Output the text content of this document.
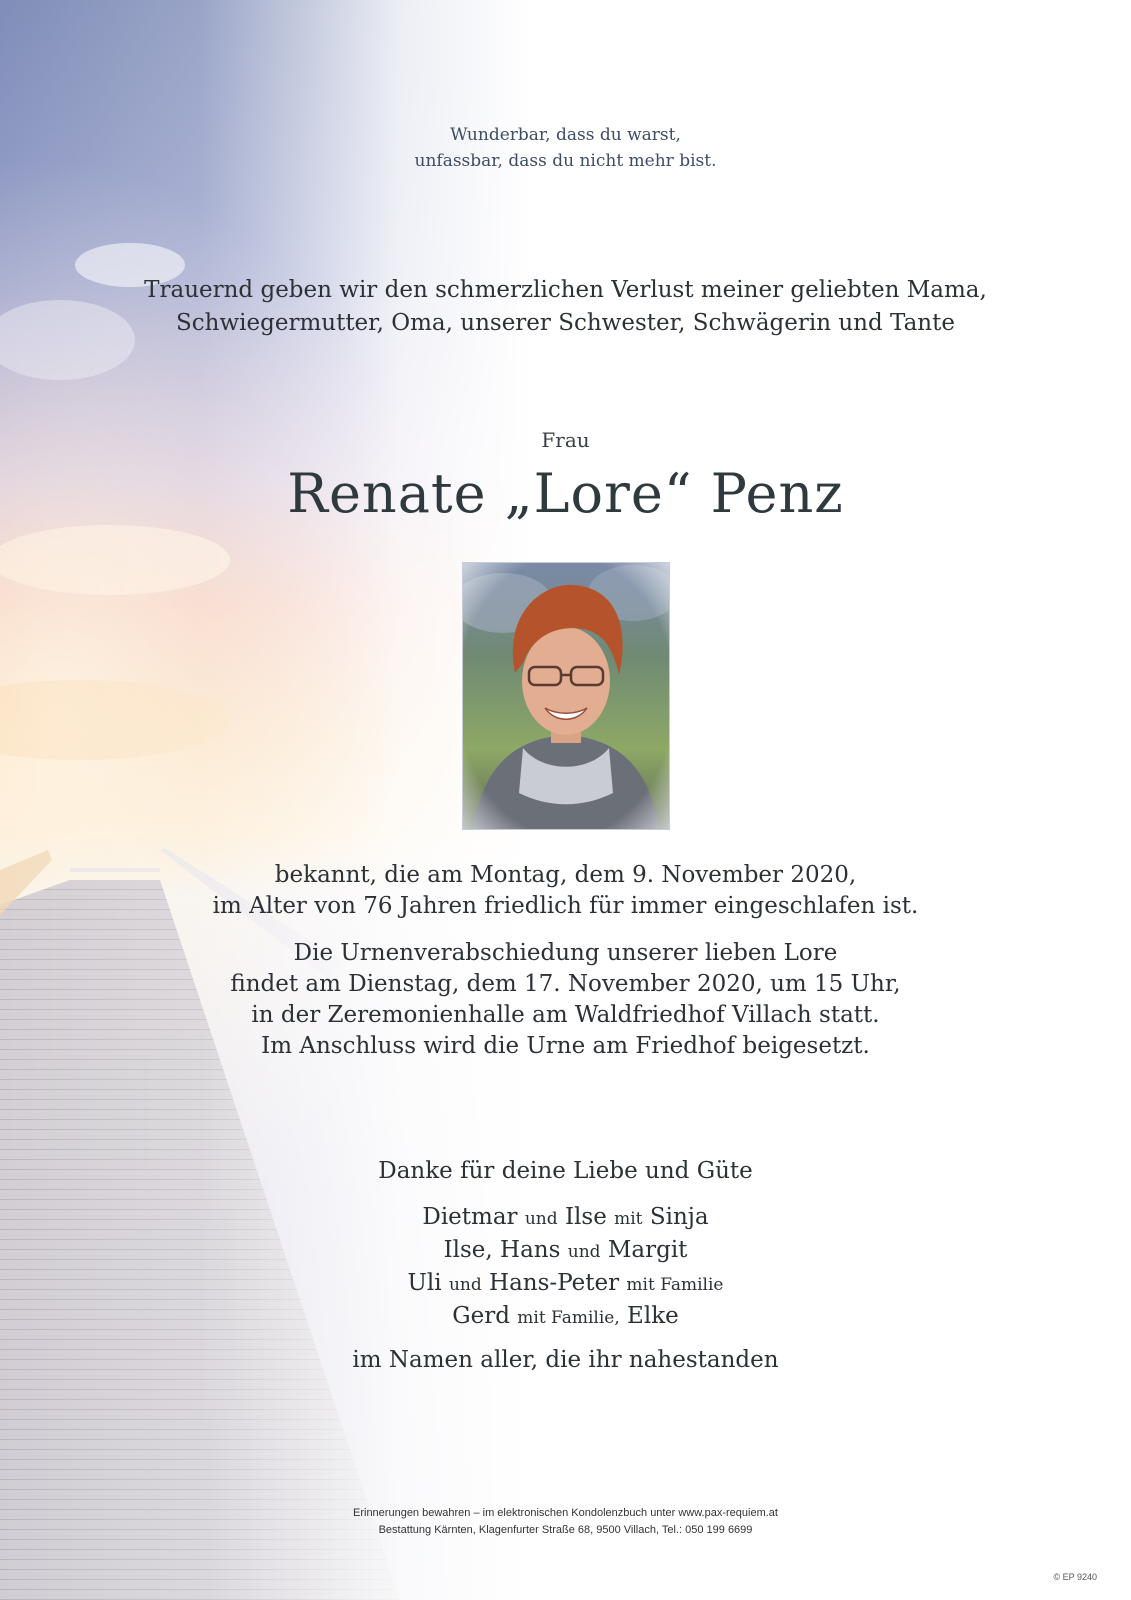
Wunderbar, dass du warst,
unfassbar, dass du nicht mehr bist.
Trauernd geben wir den schmerzlichen Verlust meiner geliebten Mama,
Schwiegermutter, Oma, unserer Schwester, Schwägerin und Tante
Frau
Renate „Lore“ Penz
bekannt, die am Montag, dem 9. November 2020,
im Alter von 76 Jahren friedlich für immer eingeschlafen ist.
Die Urnenverabschiedung unserer lieben Lore
findet am Dienstag, dem 17. November 2020, um 15 Uhr,
in der Zeremonienhalle am Waldfriedhof Villach statt.
Im Anschluss wird die Urne am Friedhof beigesetzt.
Danke für deine Liebe und Güte
Dietmar und Ilse mit Sinja
Ilse, Hans und Margit
Uli und Hans-Peter mit Familie
Gerd mit Familie, Elke
im Namen aller, die ihr nahestanden
Erinnerungen bewahren – im elektronischen Kondolenzbuch unter www.pax-requiem.at
Bestattung Kärnten, Klagenfurter Straße 68, 9500 Villach, Tel.: 050 199 6699
© EP 9240
